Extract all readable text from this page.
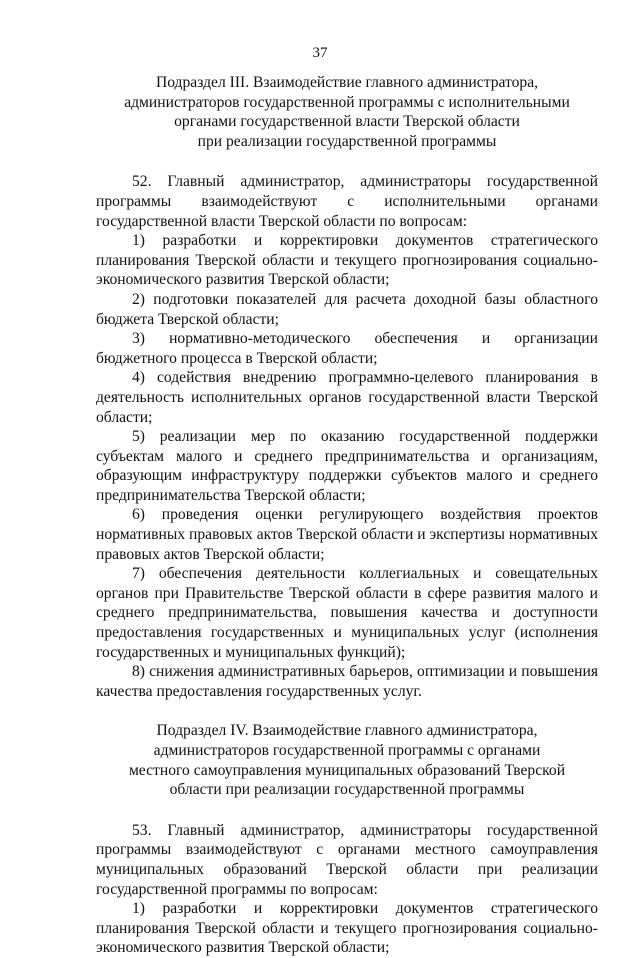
37
Подраздел III. Взаимодействие главного администратора,
администраторов государственной программы с исполнительными
органами государственной власти Тверской области
при реализации государственной программы

52. Главный администратор, администраторы государственной программы взаимодействуют с исполнительными органами государственной власти Тверской области по вопросам:

1) разработки и корректировки документов стратегического планирования Тверской области и текущего прогнозирования социально-экономического развития Тверской области;

2) подготовки показателей для расчета доходной базы областного бюджета Тверской области;

3) нормативно-методического обеспечения и организации бюджетного процесса в Тверской области;

4) содействия внедрению программно-целевого планирования в деятельность исполнительных органов государственной власти Тверской области;

5) реализации мер по оказанию государственной поддержки субъектам малого и среднего предпринимательства и организациям, образующим инфраструктуру поддержки субъектов малого и среднего предпринимательства Тверской области;

6) проведения оценки регулирующего воздействия проектов нормативных правовых актов Тверской области и экспертизы нормативных правовых актов Тверской области;

7) обеспечения деятельности коллегиальных и совещательных органов при Правительстве Тверской области в сфере развития малого и среднего предпринимательства, повышения качества и доступности предоставления государственных и муниципальных услуг (исполнения государственных и муниципальных функций);

8) снижения административных барьеров, оптимизации и повышения качества предоставления государственных услуг.

Подраздел IV. Взаимодействие главного администратора,
администраторов государственной программы с органами
местного самоуправления муниципальных образований Тверской
области при реализации государственной программы

53. Главный администратор, администраторы государственной программы взаимодействуют с органами местного самоуправления муниципальных образований Тверской области при реализации государственной программы по вопросам:

1) разработки и корректировки документов стратегического планирования Тверской области и текущего прогнозирования социально-экономического развития Тверской области;
